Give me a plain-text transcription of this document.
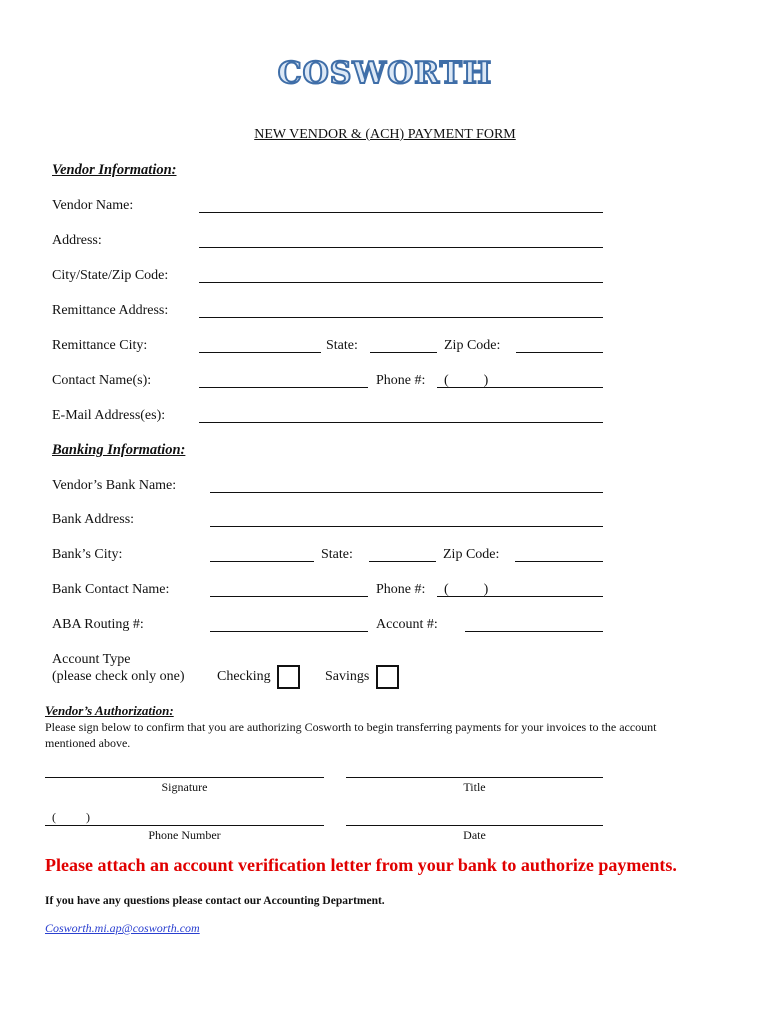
COSWORTH
NEW VENDOR & (ACH) PAYMENT FORM
Vendor Information:
Vendor Name:
Address:
City/State/Zip Code:
Remittance Address:
Remittance City:	State:	Zip Code:
Contact Name(s):	Phone #: (          )
E-Mail Address(es):
Banking Information:
Vendor’s Bank Name:
Bank Address:
Bank’s City:	State:	Zip Code:
Bank Contact Name:	Phone #: (          )
ABA Routing #:	Account #:
Account Type
(please check only one) Checking	Savings
Vendor’s Authorization:
Please sign below to confirm that you are authorizing Cosworth to begin transferring payments for your invoices to the account mentioned above.
Signature	Title
(          )
Phone Number	Date
Please attach an account verification letter from your bank to authorize payments.
If you have any questions please contact our Accounting Department.
Cosworth.mi.ap@cosworth.com
